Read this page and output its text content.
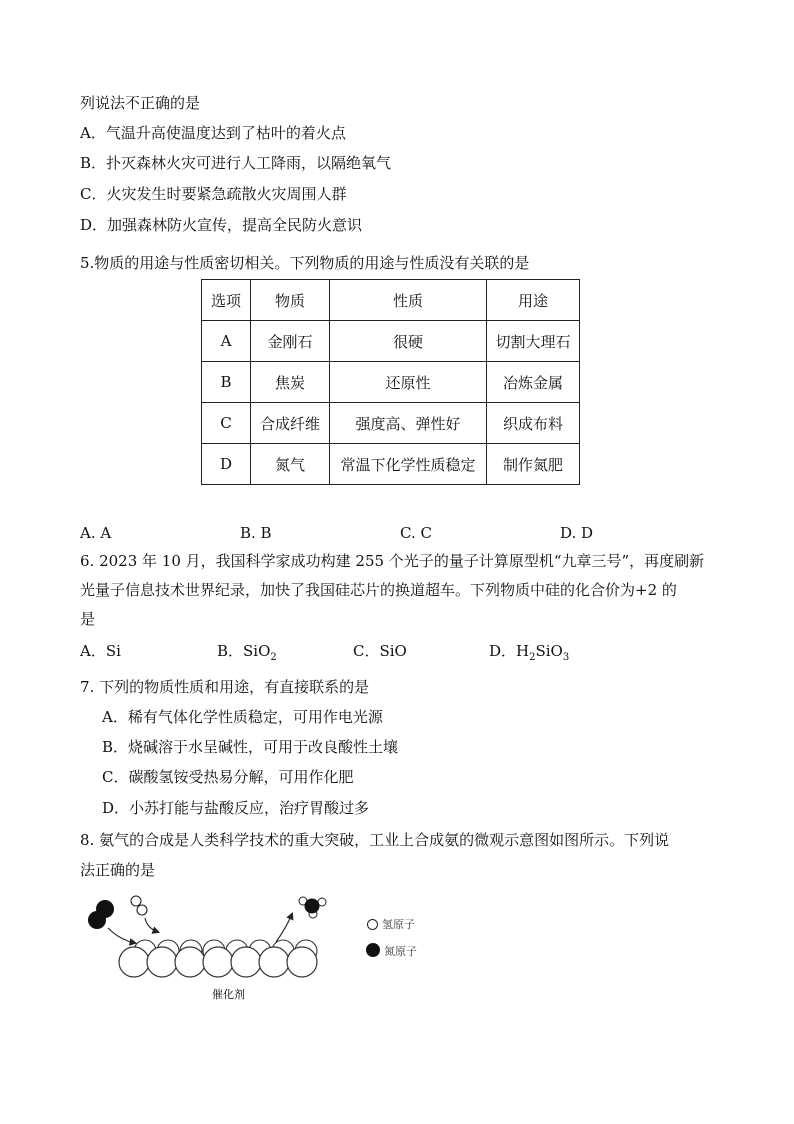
列说法不正确的是
A．气温升高使温度达到了枯叶的着火点
B．扑灭森林火灾可进行人工降雨，以隔绝氧气
C．火灾发生时要紧急疏散火灾周围人群
D．加强森林防火宣传，提高全民防火意识
5.物质的用途与性质密切相关。下列物质的用途与性质没有关联的是
选项	物质	性质	用途
A	金刚石	很硬	切割大理石
B	焦炭	还原性	冶炼金属
C	合成纤维	强度高、弹性好	织成布料
D	氮气	常温下化学性质稳定	制作氮肥
A. A	B. B	C. C	D. D
6. 2023 年 10 月，我国科学家成功构建 255 个光子的量子计算原型机“九章三号”，再度刷新
光量子信息技术世界纪录，加快了我国硅芯片的换道超车。下列物质中硅的化合价为+2 的
是
A．Si	B．SiO$_2$	C．SiO	D．$H_2SiO_3$
7. 下列的物质性质和用途，有直接联系的是
A．稀有气体化学性质稳定，可用作电光源
B．烧碱溶于水呈碱性，可用于改良酸性土壤
C．碳酸氢铵受热易分解，可用作化肥
D．小苏打能与盐酸反应，治疗胃酸过多
8. 氨气的合成是人类科学技术的重大突破，工业上合成氨的微观示意图如图所示。下列说
法正确的是
催化剂
氢原子
氮原子
